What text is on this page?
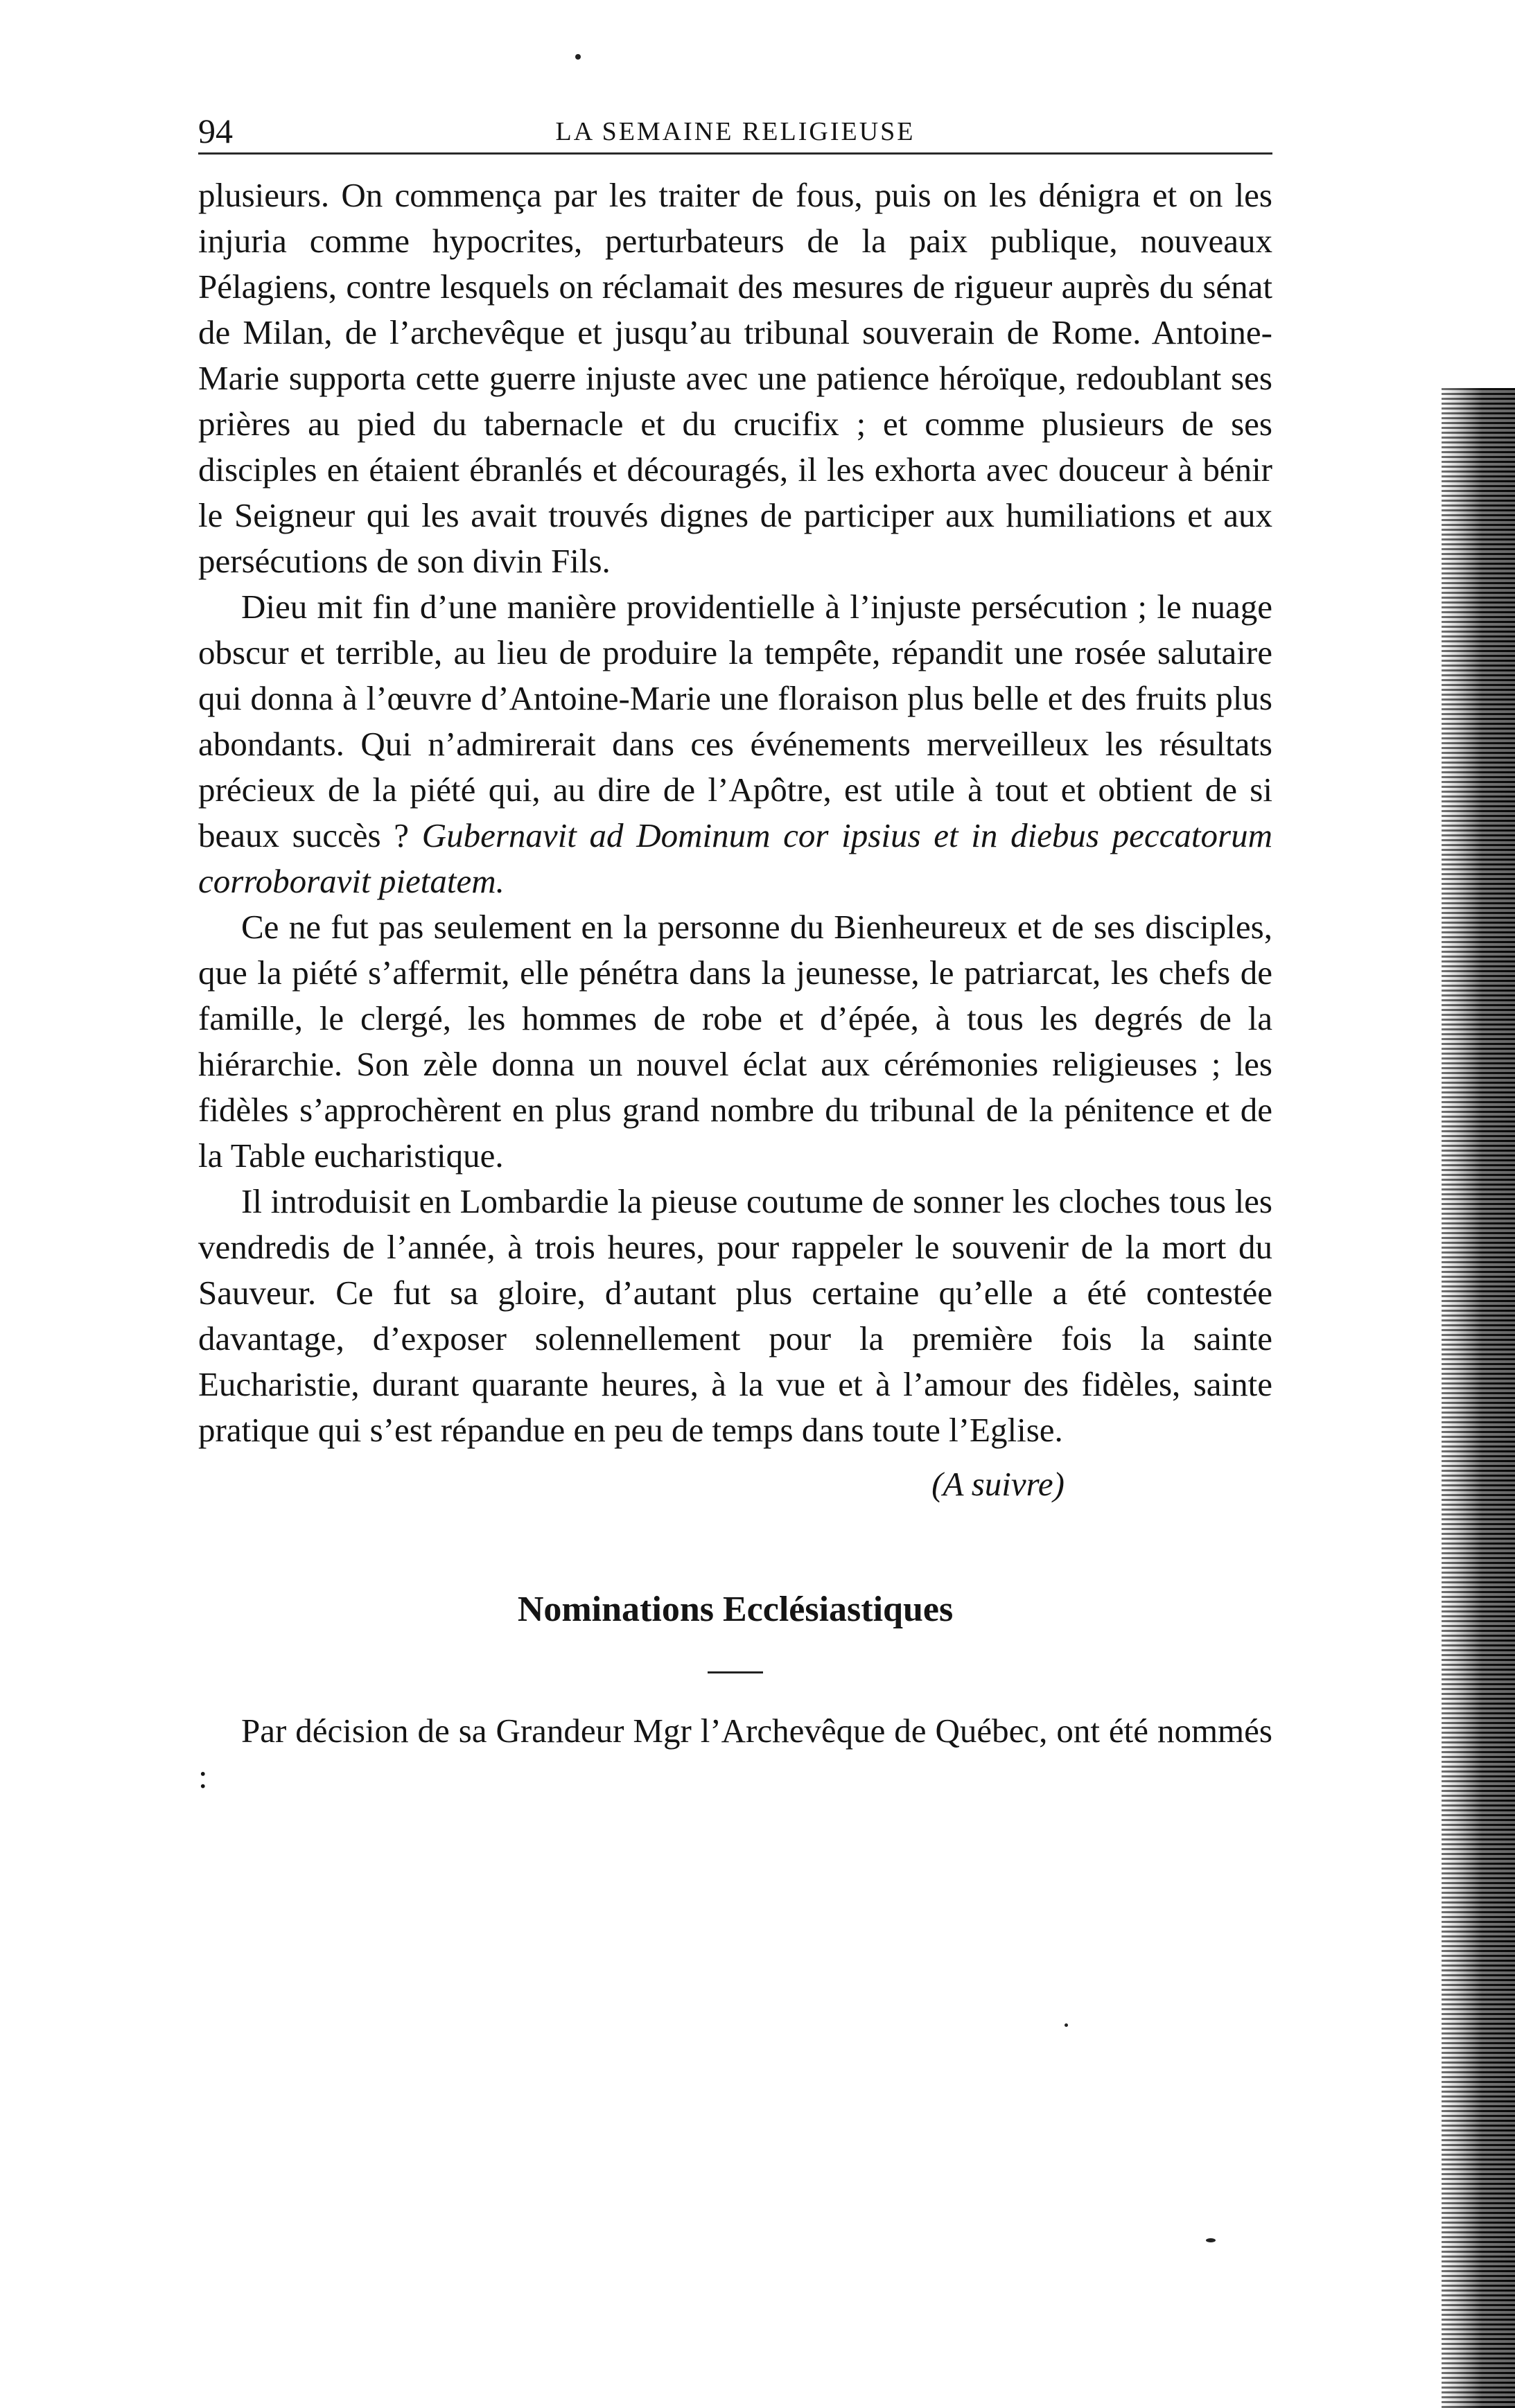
94	LA SEMAINE RELIGIEUSE

plusieurs. On commença par les traiter de fous, puis on les dénigra et on les injuria comme hypocrites, perturbateurs de la paix publique, nouveaux Pélagiens, contre lesquels on réclamait des mesures de rigueur auprès du sénat de Milan, de l’archevêque et jusqu’au tribunal souverain de Rome. Antoine-Marie supporta cette guerre injuste avec une patience héroïque, redoublant ses prières au pied du tabernacle et du crucifix ; et comme plusieurs de ses disciples en étaient ébranlés et découragés, il les exhorta avec douceur à bénir le Seigneur qui les avait trouvés dignes de participer aux humiliations et aux persécutions de son divin Fils.

Dieu mit fin d’une manière providentielle à l’injuste persécution ; le nuage obscur et terrible, au lieu de produire la tempête, répandit une rosée salutaire qui donna à l’œuvre d’Antoine-Marie une floraison plus belle et des fruits plus abondants. Qui n’admirerait dans ces événements merveilleux les résultats précieux de la piété qui, au dire de l’Apôtre, est utile à tout et obtient de si beaux succès ? Gubernavit ad Dominum cor ipsius et in diebus peccatorum corroboravit pietatem.

Ce ne fut pas seulement en la personne du Bienheureux et de ses disciples, que la piété s’affermit, elle pénétra dans la jeunesse, le patriarcat, les chefs de famille, le clergé, les hommes de robe et d’épée, à tous les degrés de la hiérarchie. Son zèle donna un nouvel éclat aux cérémonies religieuses ; les fidèles s’approchèrent en plus grand nombre du tribunal de la pénitence et de la Table eucharistique.

Il introduisit en Lombardie la pieuse coutume de sonner les cloches tous les vendredis de l’année, à trois heures, pour rappeler le souvenir de la mort du Sauveur. Ce fut sa gloire, d’autant plus certaine qu’elle a été contestée davantage, d’exposer solennellement pour la première fois la sainte Eucharistie, durant quarante heures, à la vue et à l’amour des fidèles, sainte pratique qui s’est répandue en peu de temps dans toute l’Eglise.

(A suivre)

Nominations Ecclésiastiques

Par décision de sa Grandeur Mgr l’Archevêque de Québec, ont été nommés :
